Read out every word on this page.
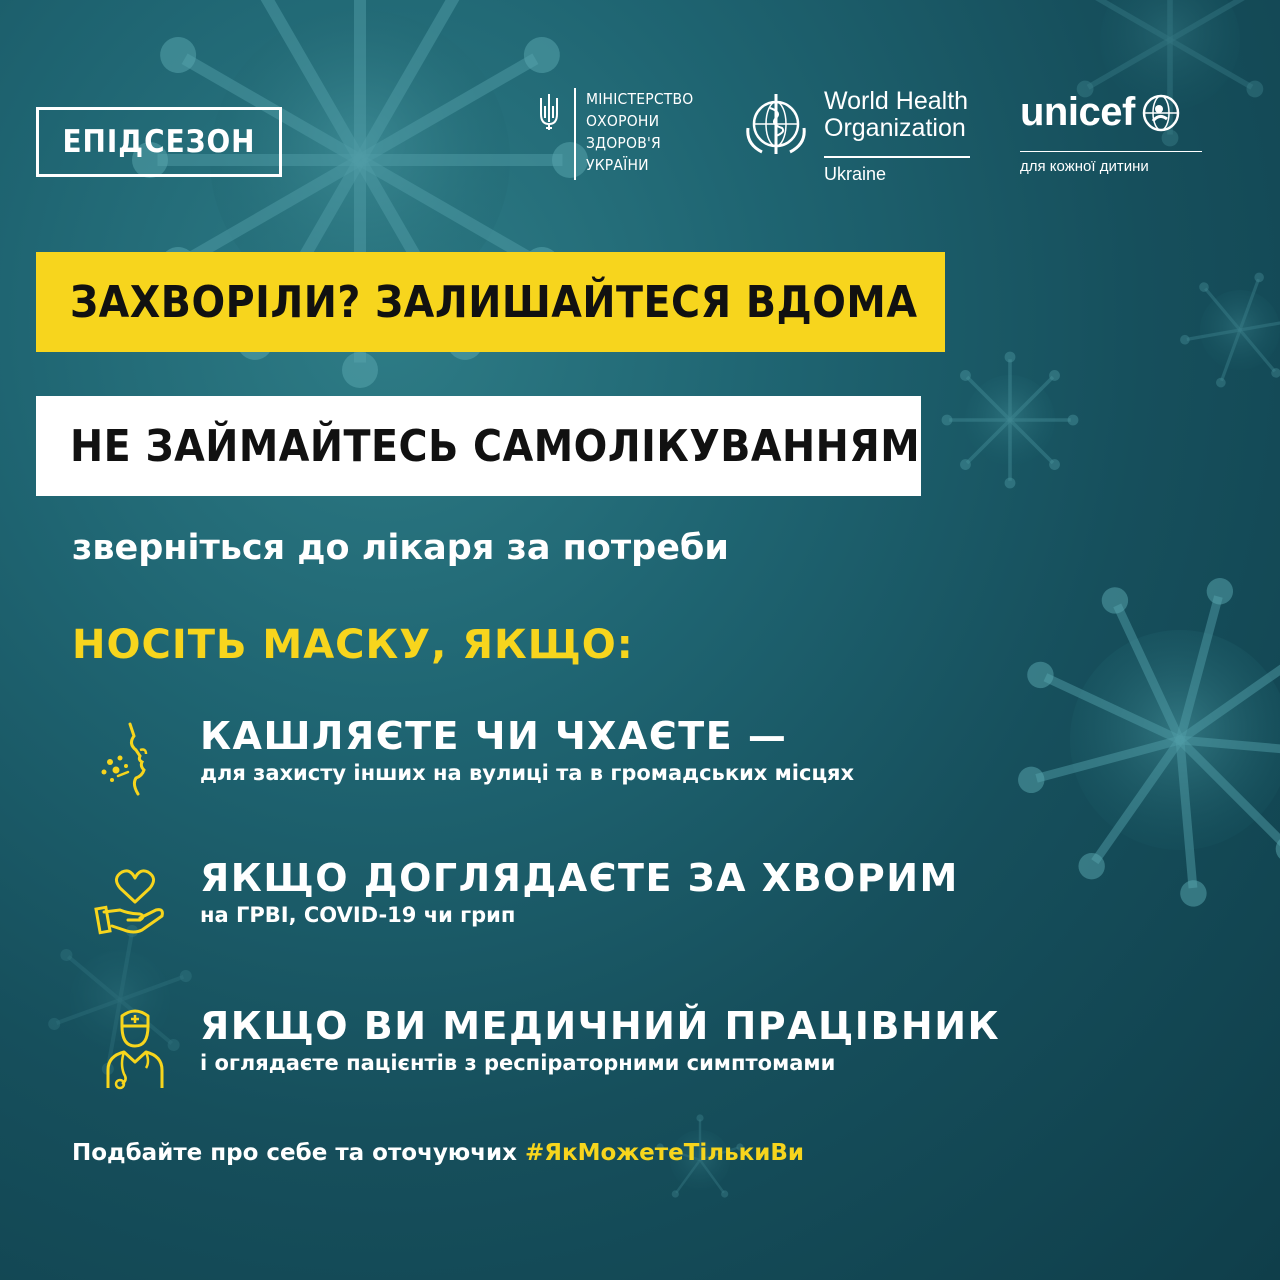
ЕПІДСЕЗОН
МІНІСТЕРСТВО
ОХОРОНИ
ЗДОРОВ'Я
УКРАЇНИ
World Health
Organization
Ukraine
unicef
для кожної дитини
ЗАХВОРІЛИ? ЗАЛИШАЙТЕСЯ ВДОМА
НЕ ЗАЙМАЙТЕСЬ САМОЛІКУВАННЯМ
зверніться до лікаря за потреби
НОСІТЬ МАСКУ, ЯКЩО:
КАШЛЯЄТЕ ЧИ ЧХАЄТЕ —
для захисту інших на вулиці та в громадських місцях
ЯКЩО ДОГЛЯДАЄТЕ ЗА ХВОРИМ
на ГРВІ, COVID-19 чи грип
ЯКЩО ВИ МЕДИЧНИЙ ПРАЦІВНИК
і оглядаєте пацієнтів з респіраторними симптомами
Подбайте про себе та оточуючих #ЯкМожетеТількиВи
